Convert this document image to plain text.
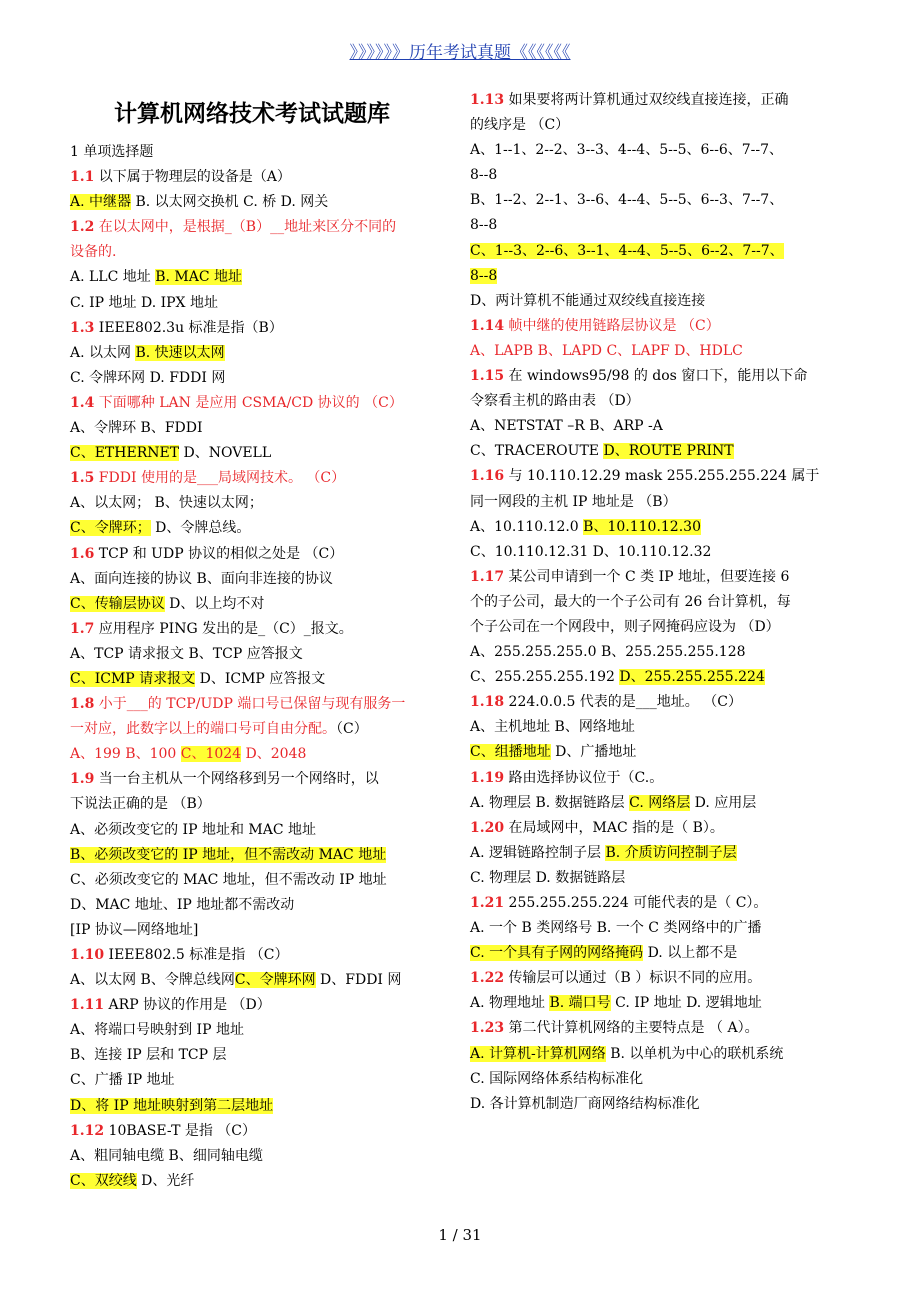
》》》》》》历年考试真题《《《《《《
计算机网络技术考试试题库
1 单项选择题
1.1 以下属于物理层的设备是（A）
A. 中继器 B. 以太网交换机 C. 桥 D. 网关
1.2 在以太网中，是根据_（B）__地址来区分不同的
设备的.
A. LLC 地址 B. MAC 地址
C. IP 地址 D. IPX 地址
1.3 IEEE802.3u 标准是指（B）
A. 以太网 B. 快速以太网
C. 令牌环网 D. FDDI 网
1.4 下面哪种 LAN 是应用 CSMA/CD 协议的 （C）
A、令牌环 B、FDDI
C、ETHERNET D、NOVELL
1.5 FDDI 使用的是___局域网技术。 （C）
A、以太网； B、快速以太网；
C、令牌环； D、令牌总线。
1.6 TCP 和 UDP 协议的相似之处是 （C）
A、面向连接的协议 B、面向非连接的协议
C、传输层协议 D、以上均不对
1.7 应用程序 PING 发出的是_（C）_报文。
A、TCP 请求报文 B、TCP 应答报文
C、ICMP 请求报文 D、ICMP 应答报文
1.8 小于___的 TCP/UDP 端口号已保留与现有服务一
一对应，此数字以上的端口号可自由分配。（C）
A、199 B、100 C、1024 D、2048
1.9 当一台主机从一个网络移到另一个网络时，以
下说法正确的是 （B）
A、必须改变它的 IP 地址和 MAC 地址
B、必须改变它的 IP 地址，但不需改动 MAC 地址
C、必须改变它的 MAC 地址，但不需改动 IP 地址
D、MAC 地址、IP 地址都不需改动
[IP 协议—网络地址]
1.10 IEEE802.5 标准是指 （C）
A、以太网 B、令牌总线网C、令牌环网 D、FDDI 网
1.11 ARP 协议的作用是 （D）
A、将端口号映射到 IP 地址
B、连接 IP 层和 TCP 层
C、广播 IP 地址
D、将 IP 地址映射到第二层地址
1.12 10BASE-T 是指 （C）
A、粗同轴电缆 B、细同轴电缆
C、双绞线 D、光纤
1.13 如果要将两计算机通过双绞线直接连接，正确
的线序是 （C）
A、1--1、2--2、3--3、4--4、5--5、6--6、7--7、
8--8
B、1--2、2--1、3--6、4--4、5--5、6--3、7--7、
8--8
C、1--3、2--6、3--1、4--4、5--5、6--2、7--7、
8--8
D、两计算机不能通过双绞线直接连接
1.14 帧中继的使用链路层协议是 （C）
A、LAPB B、LAPD C、LAPF D、HDLC
1.15 在 windows95/98 的 dos 窗口下，能用以下命
令察看主机的路由表 （D）
A、NETSTAT –R B、ARP -A
C、TRACEROUTE D、ROUTE PRINT
1.16 与 10.110.12.29 mask 255.255.255.224 属于
同一网段的主机 IP 地址是 （B）
A、10.110.12.0 B、10.110.12.30
C、10.110.12.31 D、10.110.12.32
1.17 某公司申请到一个 C 类 IP 地址，但要连接 6
个的子公司，最大的一个子公司有 26 台计算机，每
个子公司在一个网段中，则子网掩码应设为 （D）
A、255.255.255.0 B、255.255.255.128
C、255.255.255.192 D、255.255.255.224
1.18 224.0.0.5 代表的是___地址。 （C）
A、主机地址 B、网络地址
C、组播地址 D、广播地址
1.19 路由选择协议位于（C.。
A. 物理层 B. 数据链路层 C. 网络层 D. 应用层
1.20 在局域网中，MAC 指的是（ B）。
A. 逻辑链路控制子层 B. 介质访问控制子层
C. 物理层 D. 数据链路层
1.21 255.255.255.224 可能代表的是（ C）。
A. 一个 B 类网络号 B. 一个 C 类网络中的广播
C. 一个具有子网的网络掩码 D. 以上都不是
1.22 传输层可以通过（B ）标识不同的应用。
A. 物理地址 B. 端口号 C. IP 地址 D. 逻辑地址
1.23 第二代计算机网络的主要特点是 （ A）。
A. 计算机-计算机网络 B. 以单机为中心的联机系统
C. 国际网络体系结构标准化
D. 各计算机制造厂商网络结构标准化
1 / 31
